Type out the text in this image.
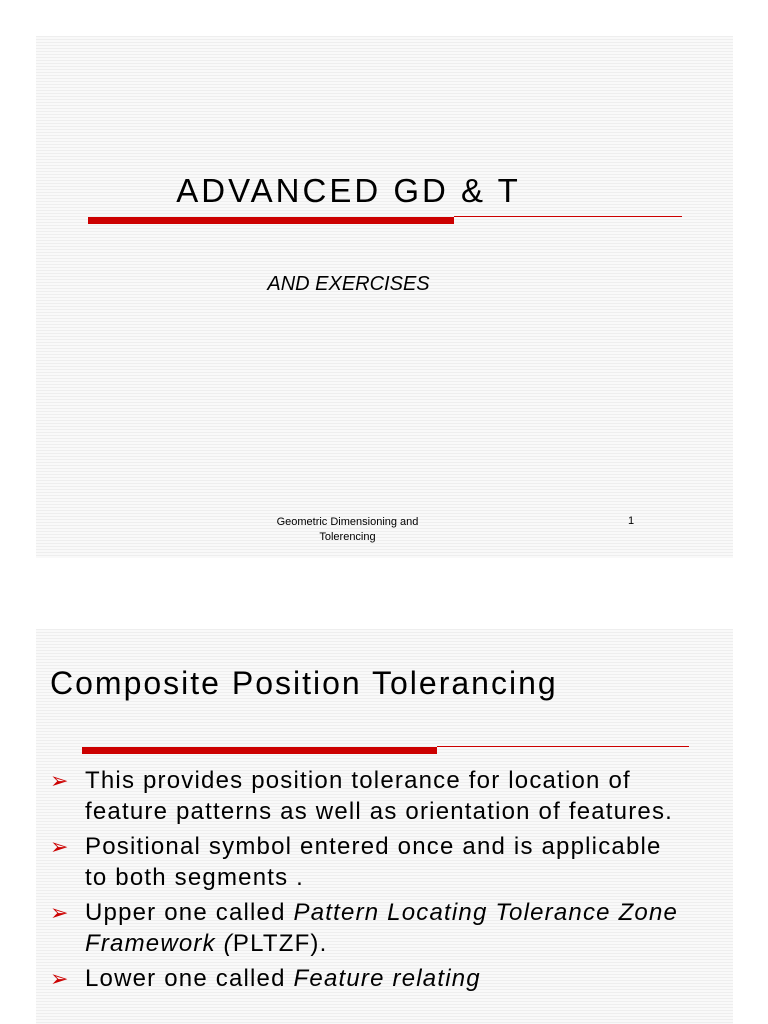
ADVANCED GD & T
AND EXERCISES
Geometric Dimensioning and Tolerencing
1
Composite Position Tolerancing
➢ This provides position tolerance for location of feature patterns as well as orientation of features.
➢ Positional symbol entered once and is applicable to both segments .
➢ Upper one called Pattern Locating Tolerance Zone Framework (PLTZF).
➢ Lower one called Feature relating
